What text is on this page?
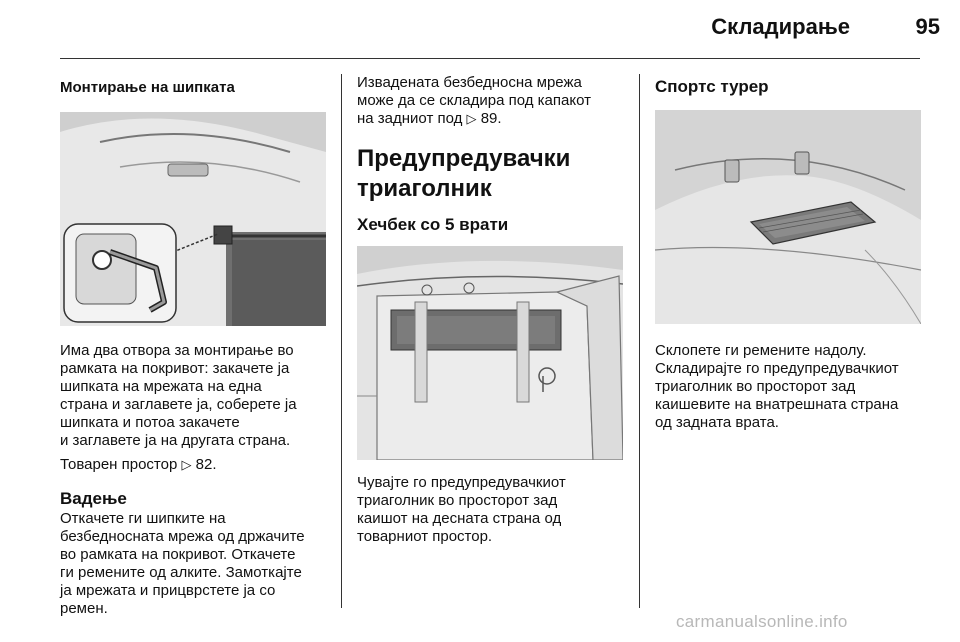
Складирање	95

Монтирање на шипката

Има два отвора за монтирање во

рамката на покривот: закачете ја

шипката на мрежата на една

страна и заглавете ја, соберете ја

шипката и потоа закачете

и заглавете ја на другата страна.

Товарен простор ▷ 82.

Вадење

Откачете ги шипките на

безбедносната мрежа од држачите

во рамката на покривот. Откачете

ги ремените од алките. Замоткајте

ја мрежата и прицврстете ја со

ремен.

Извадената безбедносна мрежа

може да се складира под капакот

на задниот под ▷ 89.

Предупредувачки

триаголник

Хечбек со 5 врати

Чувајте го предупредувачкиот

триаголник во просторот зад

каишот на десната страна од

товарниот простор.

Спортс турер

Склопете ги ремените надолу.

Складирајте го предупредувачкиот

триаголник во просторот зад

каишевите на внатрешната страна

од задната врата.

carmanualsonline.info
